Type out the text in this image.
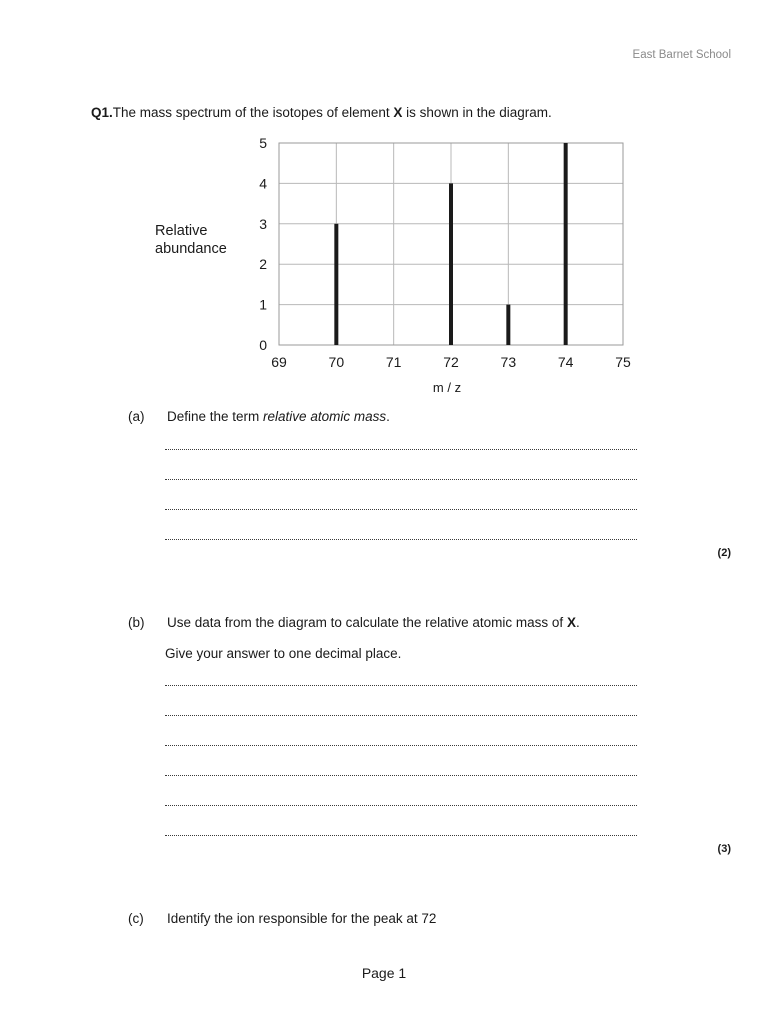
East Barnet School
Q1.The mass spectrum of the isotopes of element X is shown in the diagram.
Relative
abundance
m / z
69	70	71	72	73	74	75
0
1
2
3
4
5
(a) Define the term relative atomic mass.
(2)
(b) Use data from the diagram to calculate the relative atomic mass of X.
Give your answer to one decimal place.
(3)
(c) Identify the ion responsible for the peak at 72
Page 1
